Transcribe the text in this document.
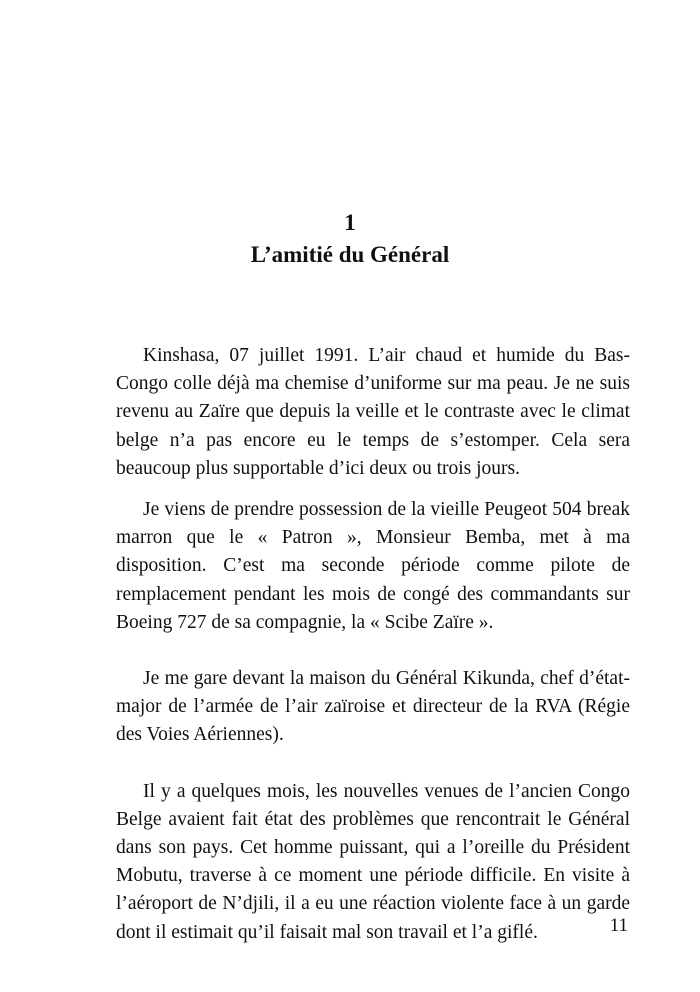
1
L’amitié du Général

Kinshasa, 07 juillet 1991. L’air chaud et humide du Bas-Congo colle déjà ma chemise d’uniforme sur ma peau. Je ne suis revenu au Zaïre que depuis la veille et le contraste avec le climat belge n’a pas encore eu le temps de s’estomper. Cela sera beaucoup plus supportable d’ici deux ou trois jours.

Je viens de prendre possession de la vieille Peugeot 504 break marron que le « Patron », Monsieur Bemba, met à ma disposition. C’est ma seconde période comme pilote de remplacement pendant les mois de congé des commandants sur Boeing 727 de sa compagnie, la « Scibe Zaïre ».

Je me gare devant la maison du Général Kikunda, chef d’état-major de l’armée de l’air zaïroise et directeur de la RVA (Régie des Voies Aériennes).

Il y a quelques mois, les nouvelles venues de l’ancien Congo Belge avaient fait état des problèmes que rencontrait le Général dans son pays. Cet homme puissant, qui a l’oreille du Président Mobutu, traverse à ce moment une période difficile. En visite à l’aéroport de N’djili, il a eu une réaction violente face à un garde dont il estimait qu’il faisait mal son travail et l’a giflé.	11
